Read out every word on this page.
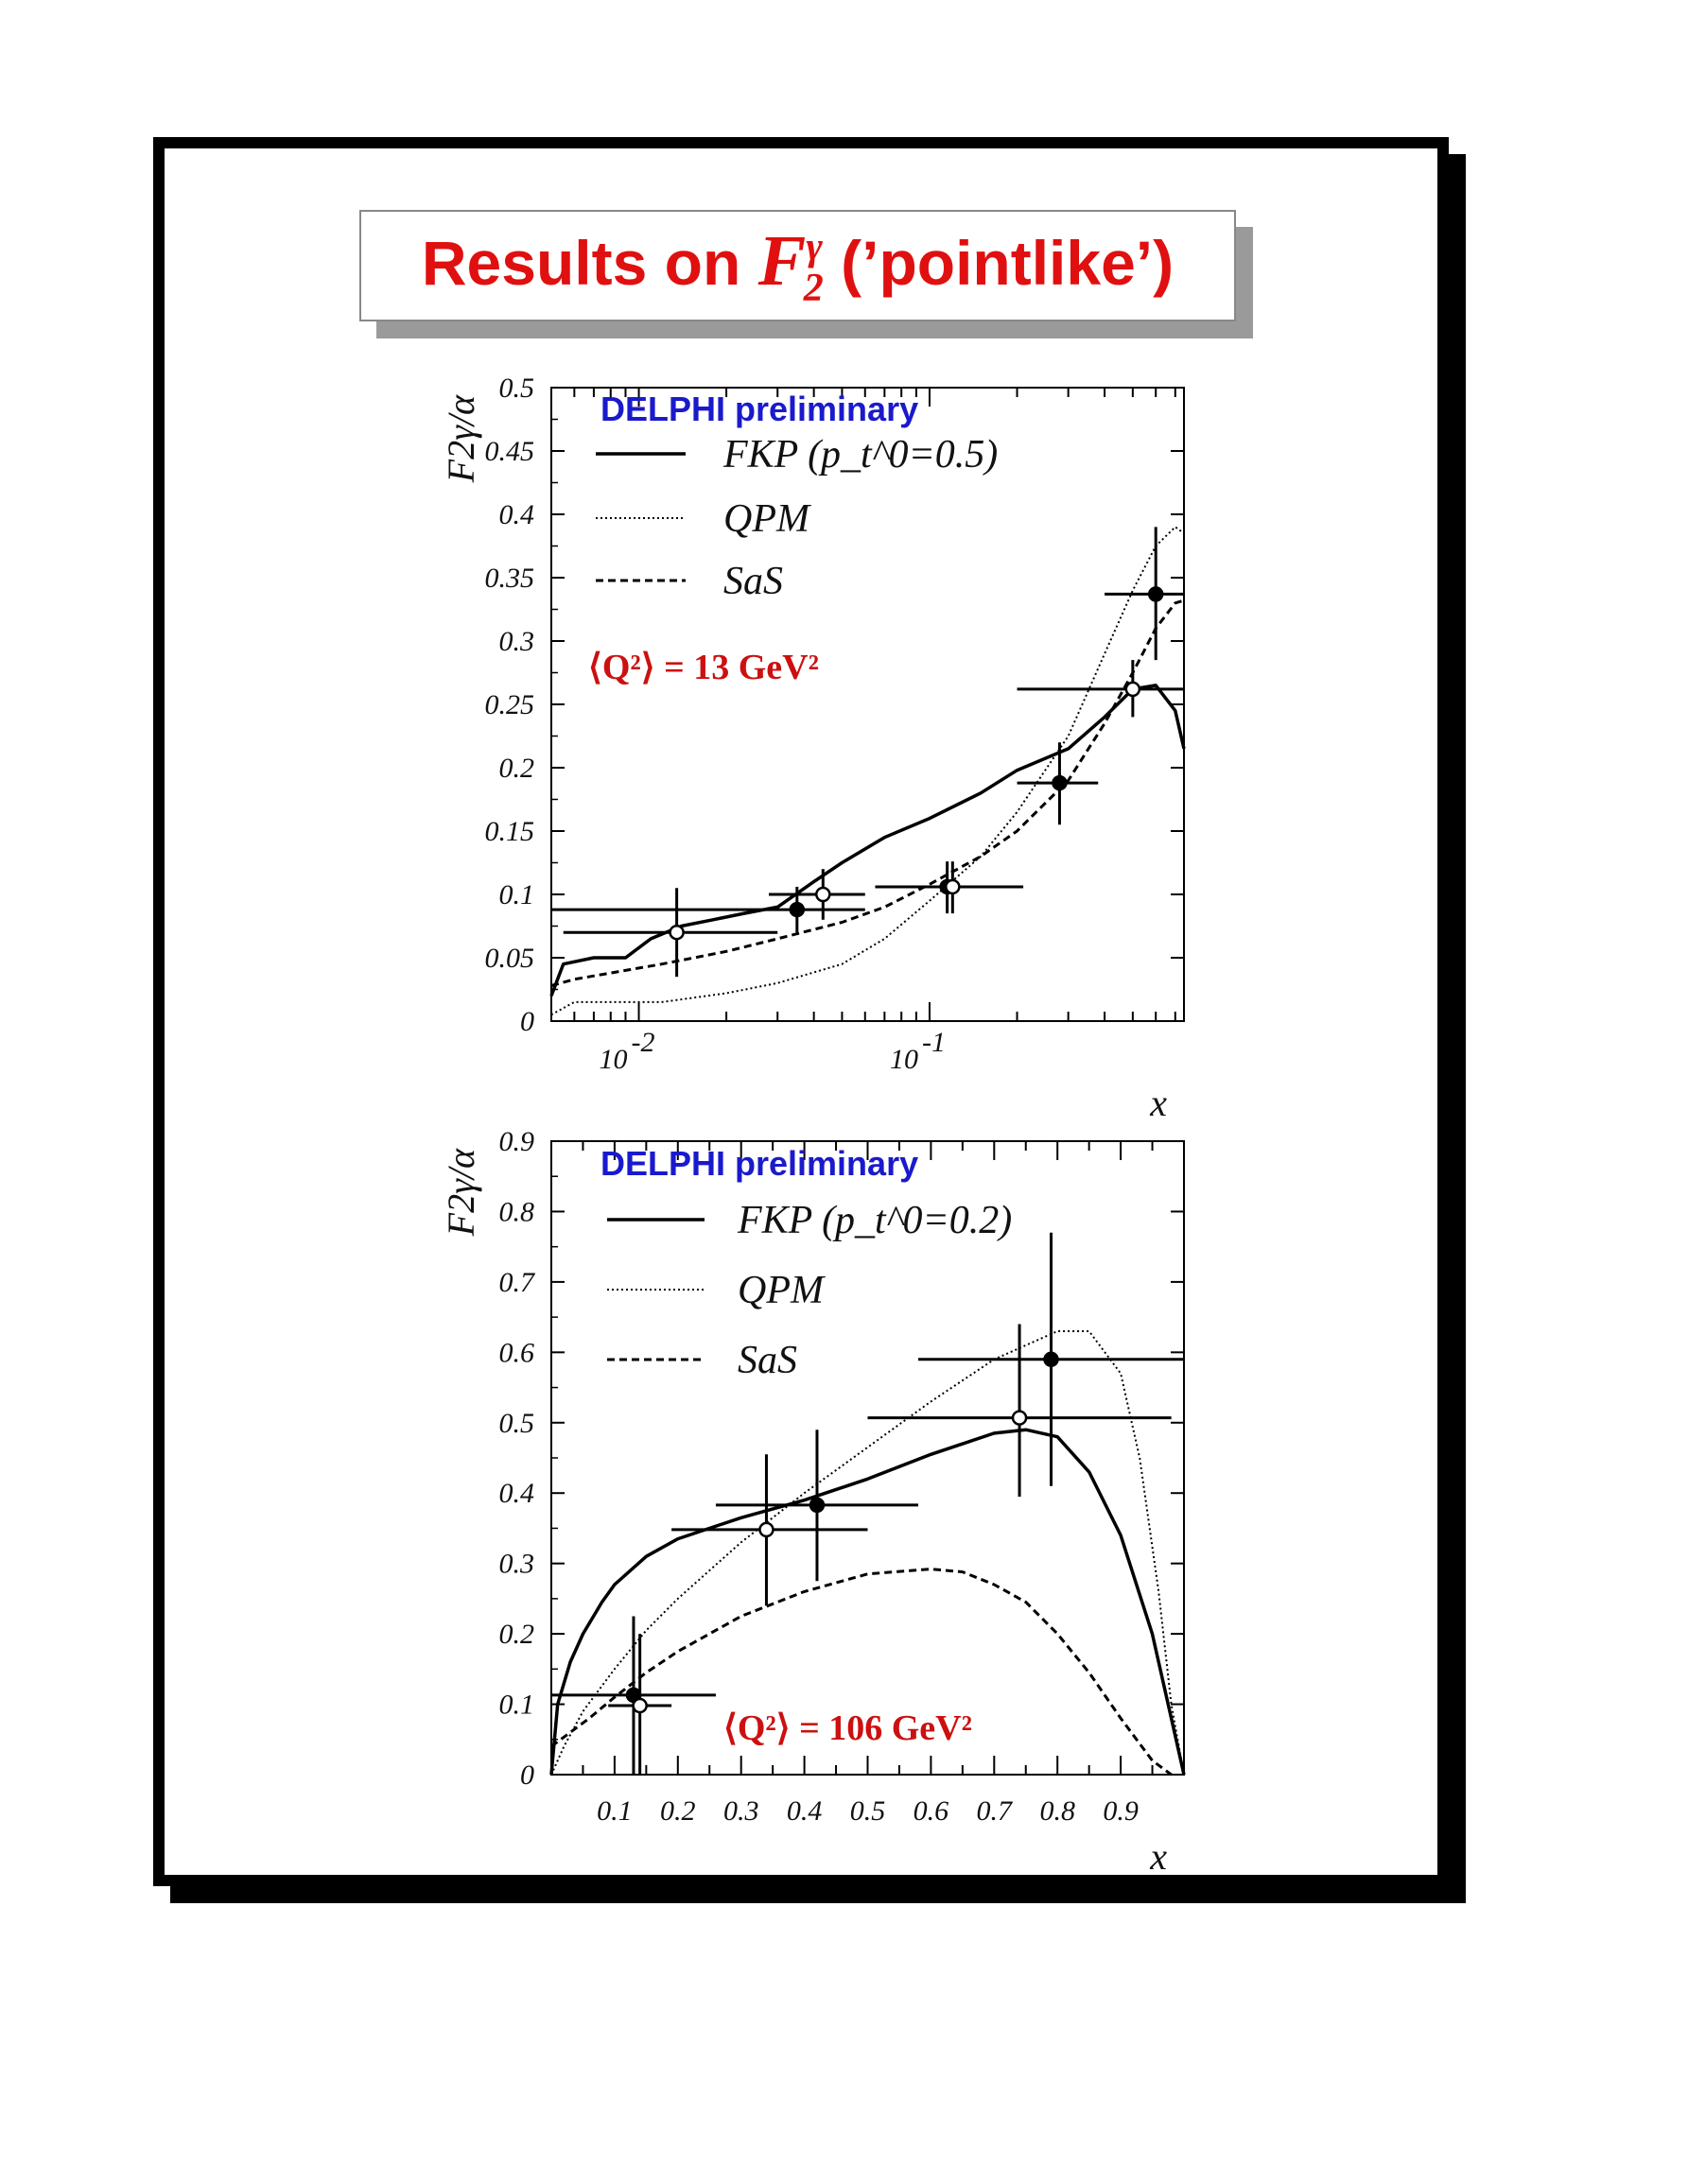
Results on $F^\gamma_2$ (’pointlike’)
0
0.05
0.1
0.15
0.2
0.25
0.3
0.35
0.4
0.45
0.5
10
-2
10
-1
x
F2γ/α	FKP (p_t^0=0.5)
QPM
SaS
DELPHI preliminary
⟨Q²⟩ = 13 GeV²
0
0.1
0.2
0.3
0.4
0.5
0.6
0.7
0.8
0.9
0.1 0.2 0.3 0.4 0.5 0.6 0.7 0.8 0.9
x
F2γ/α	FKP (p_t^0=0.2)
QPM
SaS
DELPHI preliminary
⟨Q²⟩ = 106 GeV²
